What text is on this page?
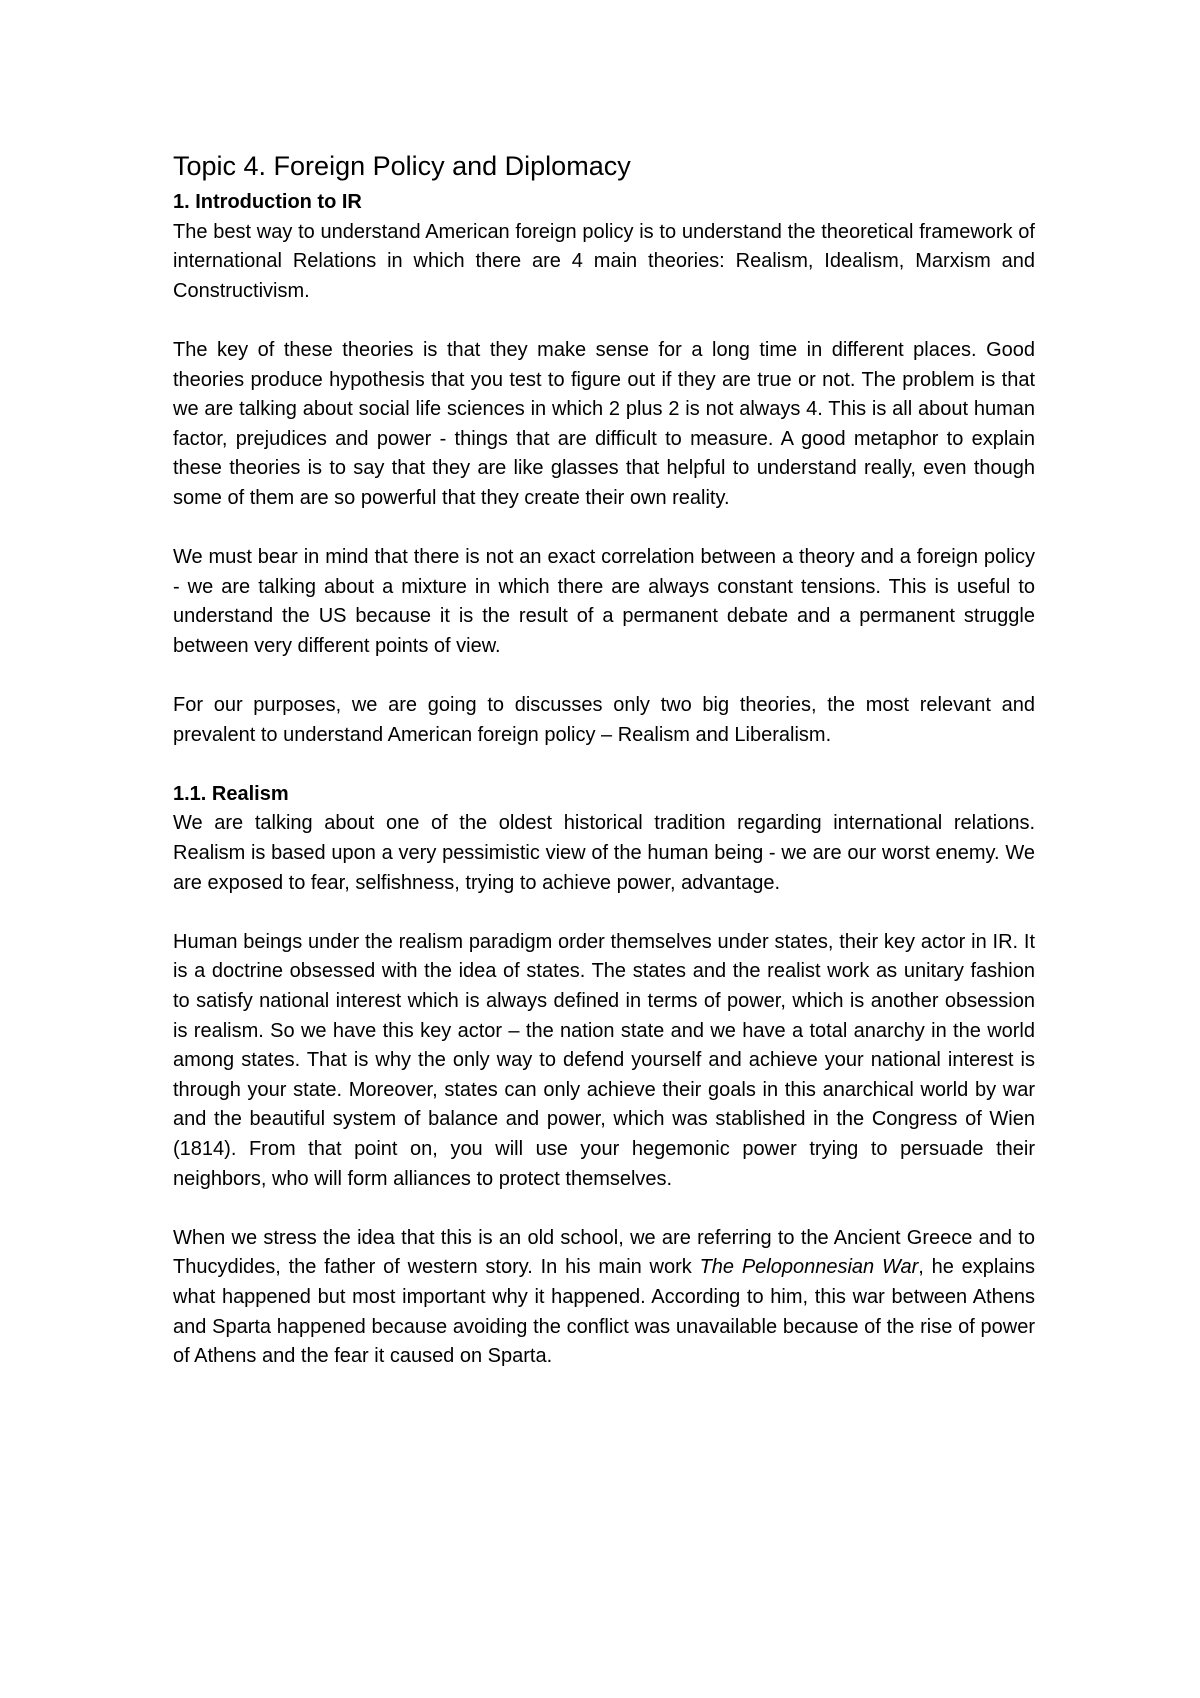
Topic 4. Foreign Policy and Diplomacy
1. Introduction to IR

The best way to understand American foreign policy is to understand the theoretical framework of international Relations in which there are 4 main theories: Realism, Idealism, Marxism and Constructivism.

The key of these theories is that they make sense for a long time in different places. Good theories produce hypothesis that you test to figure out if they are true or not. The problem is that we are talking about social life sciences in which 2 plus 2 is not always 4. This is all about human factor, prejudices and power - things that are difficult to measure. A good metaphor to explain these theories is to say that they are like glasses that helpful to understand really, even though some of them are so powerful that they create their own reality.

We must bear in mind that there is not an exact correlation between a theory and a foreign policy - we are talking about a mixture in which there are always constant tensions. This is useful to understand the US because it is the result of a permanent debate and a permanent struggle between very different points of view.

For our purposes, we are going to discusses only two big theories, the most relevant and prevalent to understand American foreign policy – Realism and Liberalism.

1.1. Realism

We are talking about one of the oldest historical tradition regarding international relations. Realism is based upon a very pessimistic view of the human being - we are our worst enemy. We are exposed to fear, selfishness, trying to achieve power, advantage.

Human beings under the realism paradigm order themselves under states, their key actor in IR. It is a doctrine obsessed with the idea of states. The states and the realist work as unitary fashion to satisfy national interest which is always defined in terms of power, which is another obsession is realism. So we have this key actor – the nation state and we have a total anarchy in the world among states. That is why the only way to defend yourself and achieve your national interest is through your state. Moreover, states can only achieve their goals in this anarchical world by war and the beautiful system of balance and power, which was stablished in the Congress of Wien (1814). From that point on, you will use your hegemonic power trying to persuade their neighbors, who will form alliances to protect themselves.

When we stress the idea that this is an old school, we are referring to the Ancient Greece and to Thucydides, the father of western story. In his main work The Peloponnesian War, he explains what happened but most important why it happened. According to him, this war between Athens and Sparta happened because avoiding the conflict was unavailable because of the rise of power of Athens and the fear it caused on Sparta.
